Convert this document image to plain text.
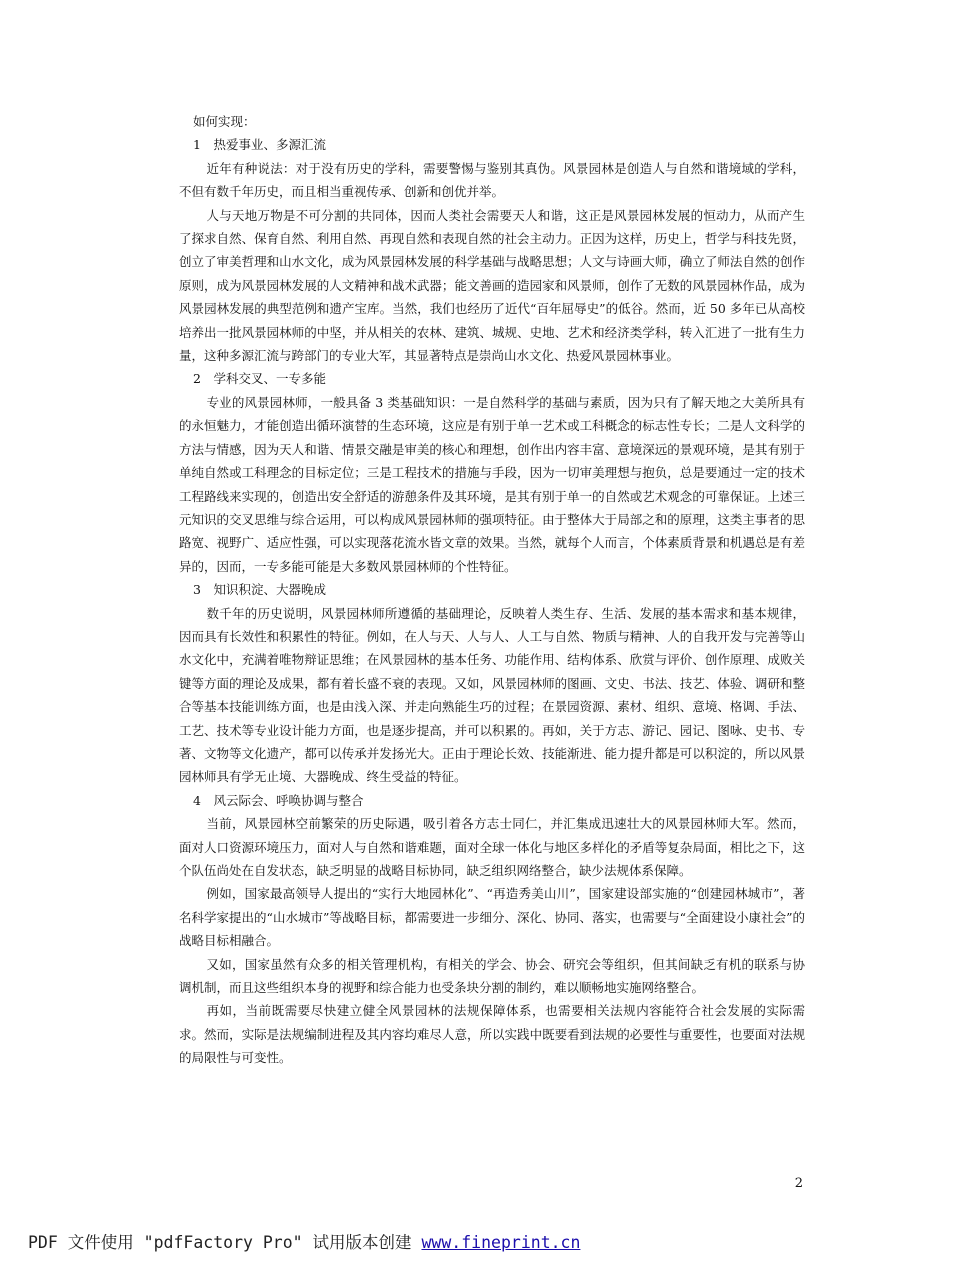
如何实现：

1　热爱事业、多源汇流

近年有种说法：对于没有历史的学科，需要警惕与鉴别其真伪。风景园林是创造人与自然和谐境域的学科，不但有数千年历史，而且相当重视传承、创新和创优并举。

人与天地万物是不可分割的共同体，因而人类社会需要天人和谐，这正是风景园林发展的恒动力，从而产生了探求自然、保育自然、利用自然、再现自然和表现自然的社会主动力。正因为这样，历史上，哲学与科技先贤，创立了审美哲理和山水文化，成为风景园林发展的科学基础与战略思想；人文与诗画大师，确立了师法自然的创作原则，成为风景园林发展的人文精神和战术武器；能文善画的造园家和风景师，创作了无数的风景园林作品，成为风景园林发展的典型范例和遗产宝库。当然，我们也经历了近代“百年屈辱史”的低谷。然而，近 50 多年已从高校培养出一批风景园林师的中坚，并从相关的农林、建筑、城规、史地、艺术和经济类学科，转入汇进了一批有生力量，这种多源汇流与跨部门的专业大军，其显著特点是崇尚山水文化、热爱风景园林事业。

2　学科交叉、一专多能

专业的风景园林师，一般具备 3 类基础知识：一是自然科学的基础与素质，因为只有了解天地之大美所具有的永恒魅力，才能创造出循环演替的生态环境，这应是有别于单一艺术或工科概念的标志性专长；二是人文科学的方法与情感，因为天人和谐、情景交融是审美的核心和理想，创作出内容丰富、意境深远的景观环境，是其有别于单纯自然或工科理念的目标定位；三是工程技术的措施与手段，因为一切审美理想与抱负，总是要通过一定的技术工程路线来实现的，创造出安全舒适的游憩条件及其环境，是其有别于单一的自然或艺术观念的可靠保证。上述三元知识的交叉思维与综合运用，可以构成风景园林师的强项特征。由于整体大于局部之和的原理，这类主事者的思路宽、视野广、适应性强，可以实现落花流水皆文章的效果。当然，就每个人而言，个体素质背景和机遇总是有差异的，因而，一专多能可能是大多数风景园林师的个性特征。

3　知识积淀、大器晚成

数千年的历史说明，风景园林师所遵循的基础理论，反映着人类生存、生活、发展的基本需求和基本规律，因而具有长效性和积累性的特征。例如，在人与天、人与人、人工与自然、物质与精神、人的自我开发与完善等山水文化中，充满着唯物辩证思维；在风景园林的基本任务、功能作用、结构体系、欣赏与评价、创作原理、成败关键等方面的理论及成果，都有着长盛不衰的表现。又如，风景园林师的图画、文史、书法、技艺、体验、调研和整合等基本技能训练方面，也是由浅入深、并走向熟能生巧的过程；在景园资源、素材、组织、意境、格调、手法、工艺、技术等专业设计能力方面，也是逐步提高，并可以积累的。再如，关于方志、游记、园记、图咏、史书、专著、文物等文化遗产，都可以传承并发扬光大。正由于理论长效、技能渐进、能力提升都是可以积淀的，所以风景园林师具有学无止境、大器晚成、终生受益的特征。

4　风云际会、呼唤协调与整合

当前，风景园林空前繁荣的历史际遇，吸引着各方志士同仁，并汇集成迅速壮大的风景园林师大军。然而，面对人口资源环境压力，面对人与自然和谐难题，面对全球一体化与地区多样化的矛盾等复杂局面，相比之下，这个队伍尚处在自发状态，缺乏明显的战略目标协同，缺乏组织网络整合，缺少法规体系保障。

例如，国家最高领导人提出的“实行大地园林化”、“再造秀美山川”，国家建设部实施的“创建园林城市”，著名科学家提出的“山水城市”等战略目标，都需要进一步细分、深化、协同、落实，也需要与“全面建设小康社会”的战略目标相融合。

又如，国家虽然有众多的相关管理机构，有相关的学会、协会、研究会等组织，但其间缺乏有机的联系与协调机制，而且这些组织本身的视野和综合能力也受条块分割的制约，难以顺畅地实施网络整合。

再如，当前既需要尽快建立健全风景园林的法规保障体系，也需要相关法规内容能符合社会发展的实际需求。然而，实际是法规编制进程及其内容均难尽人意，所以实践中既要看到法规的必要性与重要性，也要面对法规的局限性与可变性。

2
PDF 文件使用 "pdfFactory Pro" 试用版本创建 www.fineprint.cn
